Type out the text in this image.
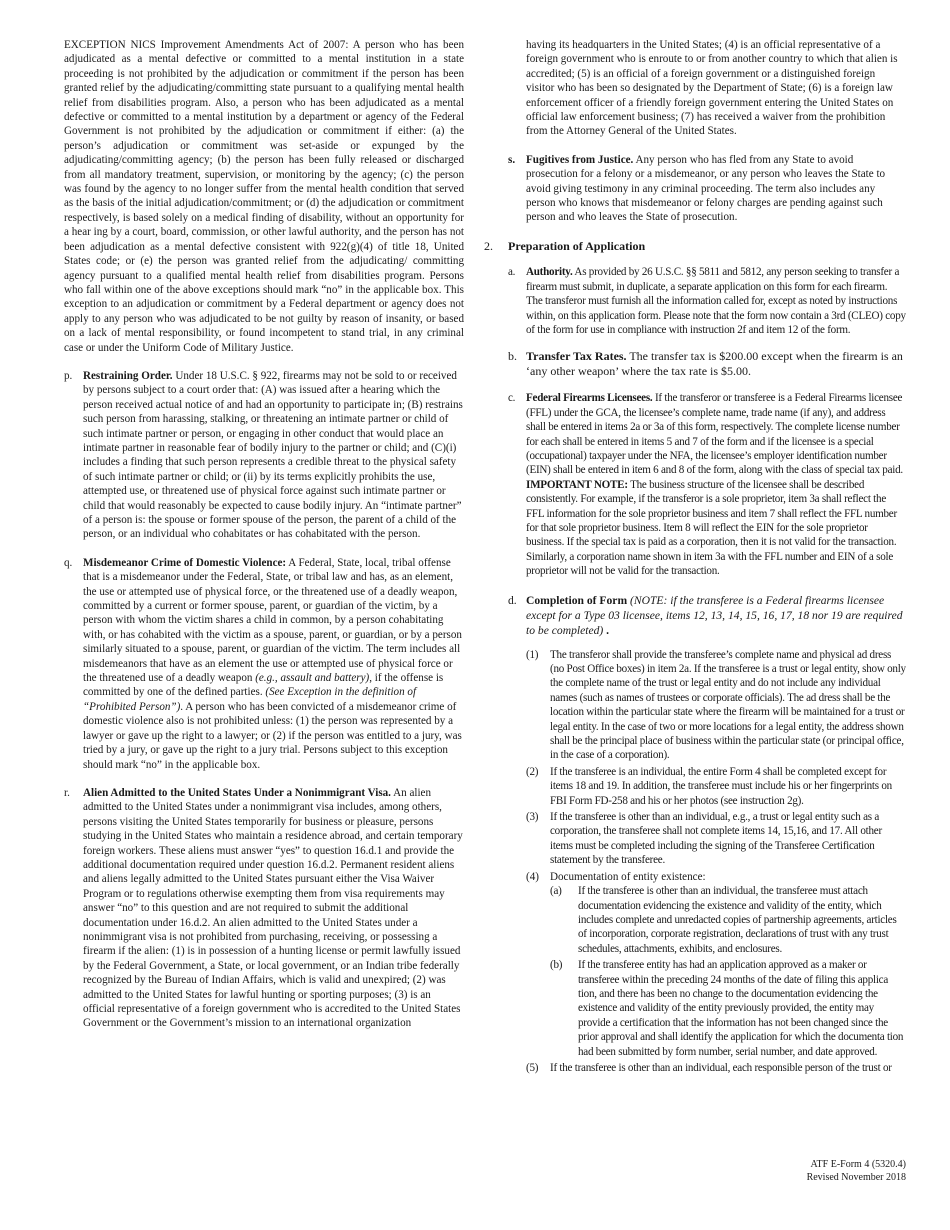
EXCEPTION NICS Improvement Amendments Act of 2007: A person who has been adjudicated as a mental defective or committed to a mental institution in a state proceeding is not prohibited by the adjudication or commitment if the person has been granted relief by the adjudicating/committing state pursuant to a qualifying mental health relief from disabilities program. Also, a person who has been adjudicated as a mental defective or committed to a mental institution by a department or agency of the Federal Government is not prohibited by the adjudication or commitment if either: (a) the person’s adjudication or commitment was set-aside or expunged by the adjudicating/committing agency; (b) the person has been fully released or discharged from all mandatory treatment, supervision, or monitoring by the agency; (c) the person was found by the agency to no longer suffer from the mental health condition that served as the basis of the initial adjudication/commitment; or (d) the adjudication or commitment respectively, is based solely on a medical finding of disability, without an opportunity for a hear ing by a court, board, commission, or other lawful authority, and the person has not been adjudication as a mental defective consistent with 922(g)(4) of title 18, United States code; or (e) the person was granted relief from the adjudicating/ committing agency pursuant to a qualified mental health relief from disabilities program. Persons who fall within one of the above exceptions should mark “no” in the applicable box. This exception to an adjudication or commitment by a Federal department or agency does not apply to any person who was adjudicated to be not guilty by reason of insanity, or based on a lack of mental responsibility, or found incompetent to stand trial, in any criminal case or under the Uniform Code of Military Justice.

p. Restraining Order. Under 18 U.S.C. § 922, firearms may not be sold to or received by persons subject to a court order that: (A) was issued after a hearing which the person received actual notice of and had an opportunity to participate in; (B) restrains such person from harassing, stalking, or threatening an intimate partner or child of such intimate partner or person, or engaging in other conduct that would place an intimate partner in reasonable fear of bodily injury to the partner or child; and (C)(i) includes a finding that such person represents a credible threat to the physical safety of such intimate partner or child; or (ii) by its terms explicitly prohibits the use, attempted use, or threatened use of physical force against such intimate partner or child that would reasonably be expected to cause bodily injury. An “intimate partner” of a person is: the spouse or former spouse of the person, the parent of a child of the person, or an individual who cohabitates or has cohabitated with the person.

q. Misdemeanor Crime of Domestic Violence: A Federal, State, local, tribal offense that is a misdemeanor under the Federal, State, or tribal law and has, as an element, the use or attempted use of physical force, or the threatened use of a deadly weapon, committed by a current or former spouse, parent, or guardian of the victim, by a person with whom the victim shares a child in common, by a person cohabitating with, or has cohabited with the victim as a spouse, parent, or guardian, or by a person similarly situated to a spouse, parent, or guardian of the victim. The term includes all misdemeanors that have as an element the use or attempted use of physical force or the threatened use of a deadly weapon (e.g., assault and battery), if the offense is committed by one of the defined parties. (See Exception in the definition of “Prohibited Person”). A person who has been convicted of a misdemeanor crime of domestic violence also is not prohibited unless: (1) the person was represented by a lawyer or gave up the right to a lawyer; or (2) if the person was entitled to a jury, was tried by a jury, or gave up the right to a jury trial. Persons subject to this exception should mark “no” in the applicable box.

r.	Alien Admitted to the United States Under a Nonimmigrant Visa. An alien admitted to the United States under a nonimmigrant visa includes, among others, persons visiting the United States temporarily for business or pleasure, persons studying in the United States who maintain a residence abroad, and certain temporary foreign workers. These aliens must answer “yes” to question 16.d.1 and provide the additional documentation required under question 16.d.2. Permanent resident aliens and aliens legally admitted to the United States pursuant either the Visa Waiver Program or to regulations otherwise exempting them from visa requirements may answer “no” to this question and are not required to submit the additional documentation under 16.d.2. An alien admitted to the United States under a nonimmigrant visa is not prohibited from purchasing, receiving, or possessing a firearm if the alien: (1) is in possession of a hunting license or permit lawfully issued by the Federal Government, a State, or local government, or an Indian tribe federally recognized by the Bureau of Indian Affairs, which is valid and unexpired; (2) was admitted to the United States for lawful hunting or sporting purposes; (3) is an official representative of a foreign government who is accredited to the United States Government or the Government’s mission to an international organization

having its headquarters in the United States; (4) is an official representative of a foreign government who is enroute to or from another country to which that alien is accredited; (5) is an official of a foreign government or a distinguished foreign visitor who has been so designated by the Department of State; (6) is a foreign law enforcement officer of a friendly foreign government entering the United States on official law enforcement business; (7) has received a waiver from the prohibition from the Attorney General of the United States.

s. Fugitives from Justice. Any person who has fled from any State to avoid prosecution for a felony or a misdemeanor, or any person who leaves the State to avoid giving testimony in any criminal proceeding. The term also includes any person who knows that misdemeanor or felony charges are pending against such person and who leaves the State of prosecution.

2.	Preparation of Application
a. Authority. As provided by 26 U.S.C. §§ 5811 and 5812, any person seeking to transfer a firearm must submit, in duplicate, a separate application on this form for each firearm. The transferor must furnish all the information called for, except as noted by instructions within, on this application form. Please note that the form now contain a 3rd (CLEO) copy of the form for use in compliance with instruction 2f and item 12 of the form.

b. Transfer Tax Rates. The transfer tax is $200.00 except when the firearm is an ‘any other weapon’ where the tax rate is $5.00.

c. Federal Firearms Licensees. If the transferor or transferee is a Federal Firearms licensee (FFL) under the GCA, the licensee’s complete name, trade name (if any), and address shall be entered in items 2a or 3a of this form, respectively. The complete license number for each shall be entered in items 5 and 7 of the form and if the licensee is a special (occupational) taxpayer under the NFA, the licensee’s employer identification number (EIN) shall be entered in item 6 and 8 of the form, along with the class of special tax paid. IMPORTANT NOTE: The business structure of the licensee shall be described consistently. For example, if the transferor is a sole proprietor, item 3a shall reflect the FFL information for the sole proprietor business and item 7 shall reflect the FFL number for that sole proprietor business. Item 8 will reflect the EIN for the sole proprietor business. If the special tax is paid as a corporation, then it is not valid for the transaction. Similarly, a corporation name shown in item 3a with the FFL number and EIN of a sole proprietor will not be valid for the transaction.

d. Completion of Form (NOTE: if the transferee is a Federal firearms licensee except for a Type 03 licensee, items 12, 13, 14, 15, 16, 17, 18 nor 19 are required to be completed) .

(1)	The transferor shall provide the transferee’s complete name and physical ad dress (no Post Office boxes) in item 2a. If the transferee is a trust or legal entity, show only the complete name of the trust or legal entity and do not include any individual names (such as names of trustees or corporate officials). The ad dress shall be the location within the particular state where the firearm will be maintained for a trust or legal entity. In the case of two or more locations for a legal entity, the address shown shall be the principal place of business within the particular state (or principal office, in the case of a corporation).

(2)	If the transferee is an individual, the entire Form 4 shall be completed except for items 18 and 19. In addition, the transferee must include his or her fingerprints on FBI Form FD-258 and his or her photos (see instruction 2g).

(3)	If the transferee is other than an individual, e.g., a trust or legal entity such as a corporation, the transferee shall not complete items 14, 15,16, and 17. All other items must be completed including the signing of the Transferee Certification statement by the transferee.

(4) Documentation of entity existence:

(a)	If the transferee is other than an individual, the transferee must attach documentation evidencing the existence and validity of the entity, which includes complete and unredacted copies of partnership agreements, articles of incorporation, corporate registration, declarations of trust with any trust schedules, attachments, exhibits, and enclosures.

(b)	If the transferee entity has had an application approved as a maker or transferee within the preceding 24 months of the date of filing this applica tion, and there has been no change to the documentation evidencing the existence and validity of the entity previously provided, the entity may provide a certification that the information has not been changed since the prior approval and shall identify the application for which the documenta tion had been submitted by form number, serial number, and date approved.

(5)	If the transferee is other than an individual, each responsible person of the trust or

ATF E-Form 4 (5320.4)
Revised November 2018
